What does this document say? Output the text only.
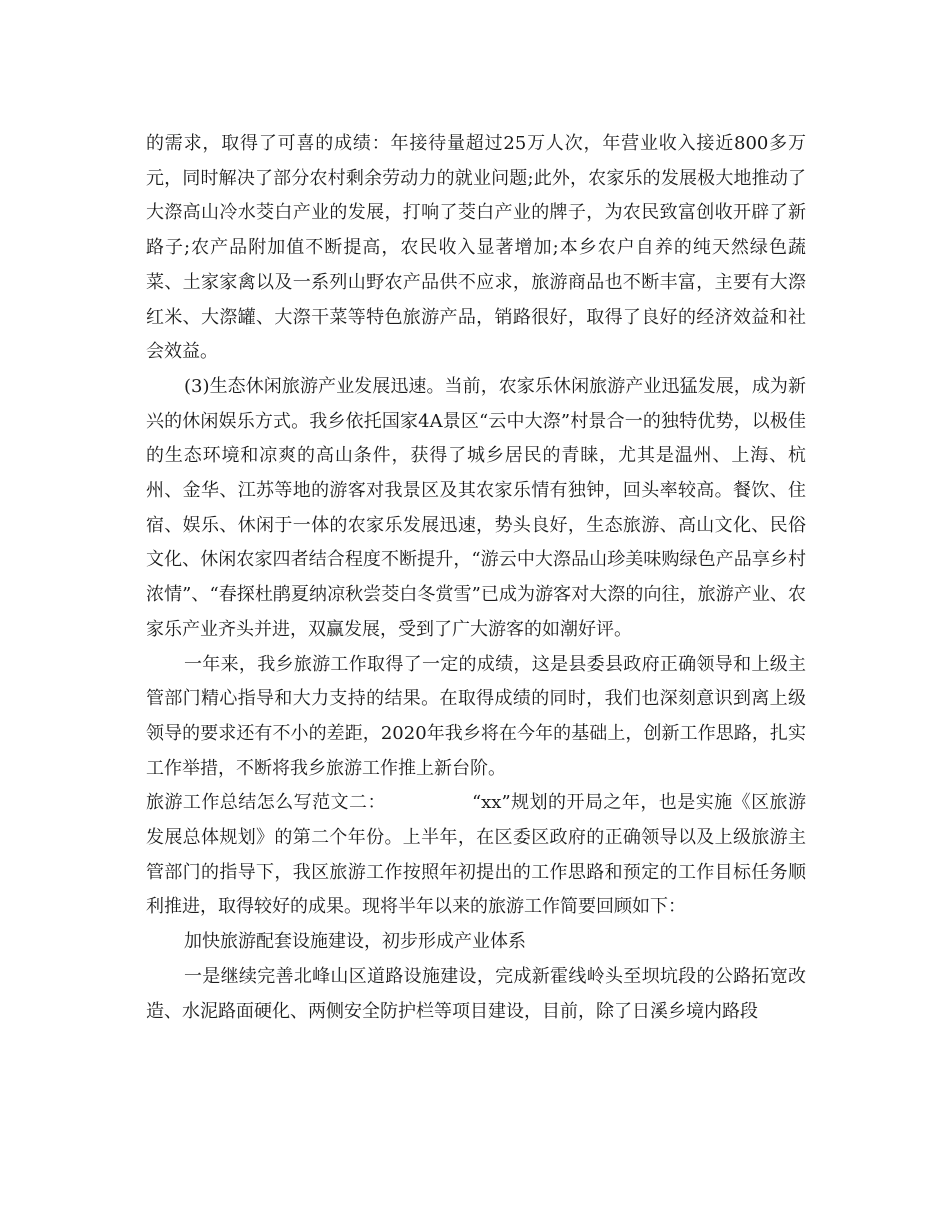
的需求，取得了可喜的成绩：年接待量超过25万人次，年营业收入接近800多万元，同时解决了部分农村剩余劳动力的就业问题;此外，农家乐的发展极大地推动了大漈高山冷水茭白产业的发展，打响了茭白产业的牌子，为农民致富创收开辟了新路子;农产品附加值不断提高，农民收入显著增加;本乡农户自养的纯天然绿色蔬菜、土家家禽以及一系列山野农产品供不应求，旅游商品也不断丰富，主要有大漈红米、大漈罐、大漈干菜等特色旅游产品，销路很好，取得了良好的经济效益和社会效益。

(3)生态休闲旅游产业发展迅速。当前，农家乐休闲旅游产业迅猛发展，成为新兴的休闲娱乐方式。我乡依托国家4A景区“云中大漈”村景合一的独特优势，以极佳的生态环境和凉爽的高山条件，获得了城乡居民的青睐，尤其是温州、上海、杭州、金华、江苏等地的游客对我景区及其农家乐情有独钟，回头率较高。餐饮、住宿、娱乐、休闲于一体的农家乐发展迅速，势头良好，生态旅游、高山文化、民俗文化、休闲农家四者结合程度不断提升，“游云中大漈品山珍美味购绿色产品享乡村浓情”、“春探杜鹃夏纳凉秋尝茭白冬赏雪”已成为游客对大漈的向往，旅游产业、农家乐产业齐头并进，双赢发展，受到了广大游客的如潮好评。

一年来，我乡旅游工作取得了一定的成绩，这是县委县政府正确领导和上级主管部门精心指导和大力支持的结果。在取得成绩的同时，我们也深刻意识到离上级领导的要求还有不小的差距，2020年我乡将在今年的基础上，创新工作思路，扎实工作举措，不断将我乡旅游工作推上新台阶。

旅游工作总结怎么写范文二：	“xx”规划的开局之年，也是实施《区旅游发展总体规划》的第二个年份。上半年，在区委区政府的正确领导以及上级旅游主管部门的指导下，我区旅游工作按照年初提出的工作思路和预定的工作目标任务顺利推进，取得较好的成果。现将半年以来的旅游工作简要回顾如下：

加快旅游配套设施建设，初步形成产业体系

一是继续完善北峰山区道路设施建设，完成新霍线岭头至坝坑段的公路拓宽改造、水泥路面硬化、两侧安全防护栏等项目建设，目前，除了日溪乡境内路段
